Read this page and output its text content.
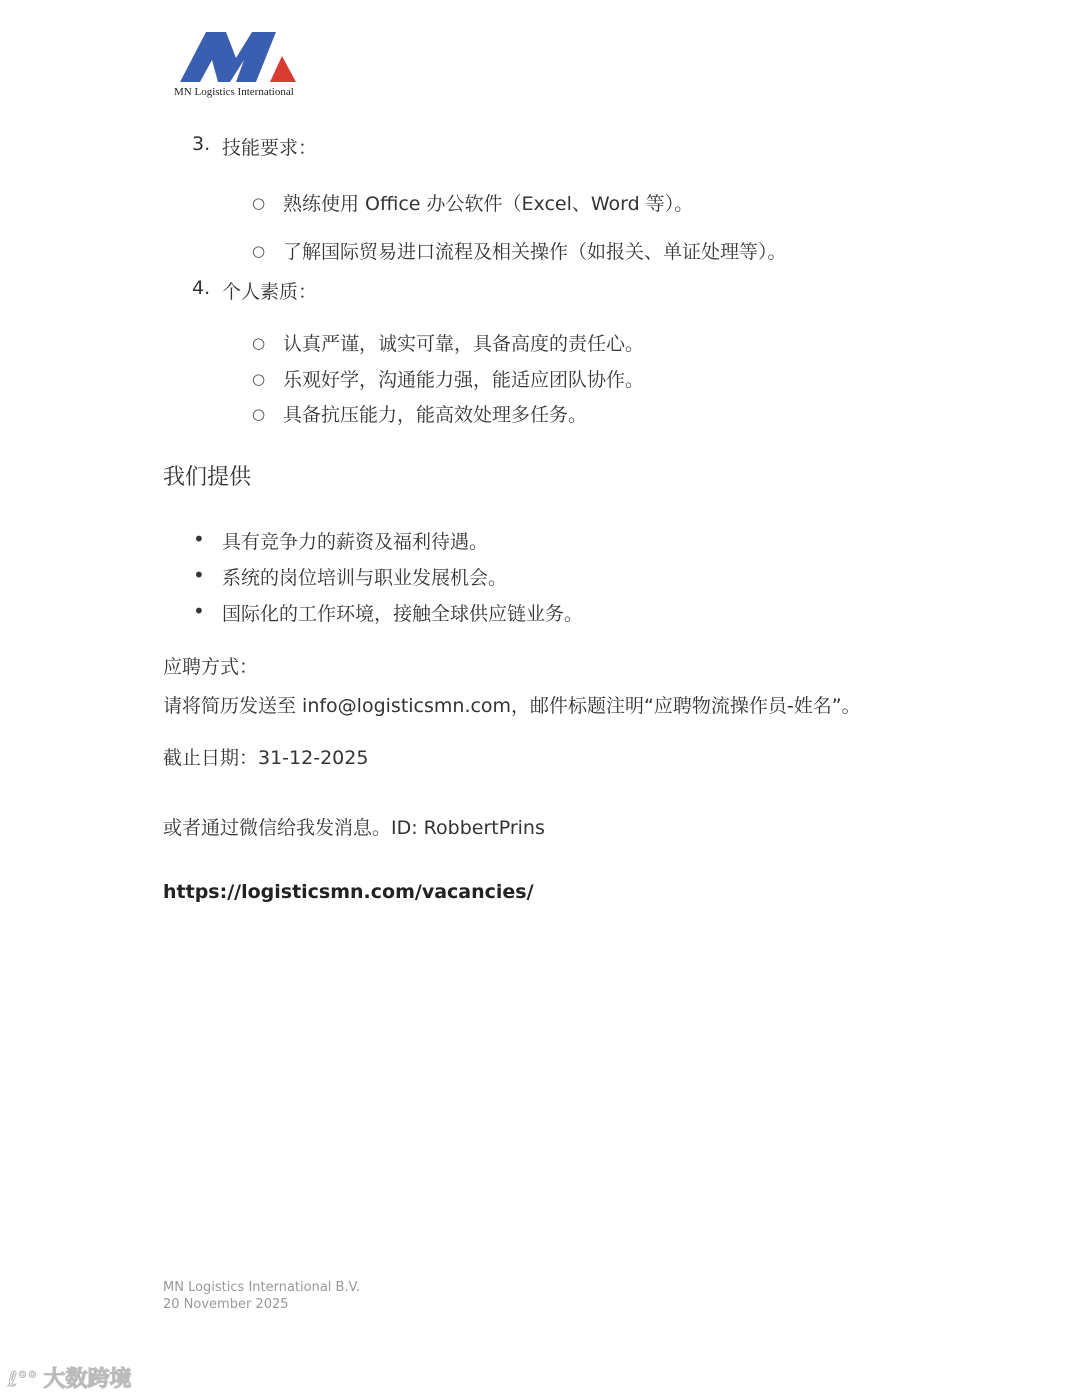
MN Logistics International
3. 技能要求：
○ 熟练使用 Office 办公软件（Excel、Word 等）。
○ 了解国际贸易进口流程及相关操作（如报关、单证处理等）。
4. 个人素质：
○ 认真严谨，诚实可靠，具备高度的责任心。
○ 乐观好学，沟通能力强，能适应团队协作。
○ 具备抗压能力，能高效处理多任务。
我们提供
• 具有竞争力的薪资及福利待遇。
• 系统的岗位培训与职业发展机会。
• 国际化的工作环境，接触全球供应链业务。
应聘方式：
请将简历发送至 info@logisticsmn.com，邮件标题注明“应聘物流操作员-姓名”。
截止日期：31-12-2025
或者通过微信给我发消息。ID: RobbertPrins
https://logisticsmn.com/vacancies/
MN Logistics International B.V.
20 November 2025
ℓ°° 大数跨境
